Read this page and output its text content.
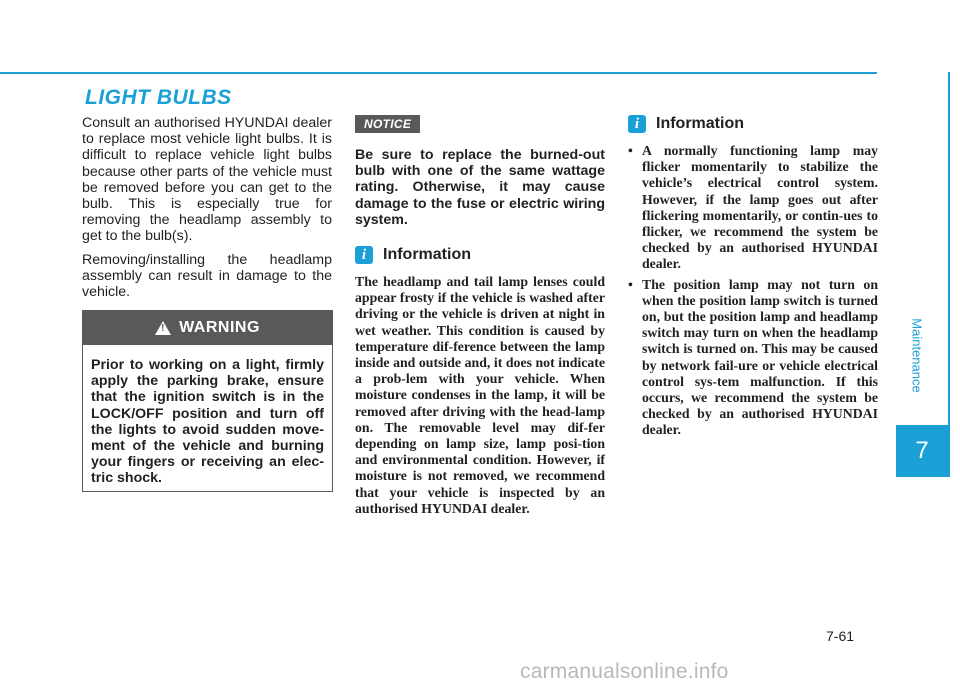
LIGHT BULBS

Consult an authorised HYUNDAI dealer to replace most vehicle light bulbs. It is difficult to replace vehicle light bulbs because other parts of the vehicle must be removed before you can get to the bulb. This is especially true for removing the headlamp assembly to get to the bulb(s).

Removing/installing the headlamp assembly can result in damage to the vehicle.

! WARNING

Prior to working on a light, firmly apply the parking brake, ensure that the ignition switch is in the LOCK/OFF position and turn off the lights to avoid sudden move-ment of the vehicle and burning your fingers or receiving an elec-tric shock.

NOTICE

Be sure to replace the burned-out bulb with one of the same wattage rating. Otherwise, it may cause damage to the fuse or electric wiring system.

i	Information

The headlamp and tail lamp lenses could appear frosty if the vehicle is washed after driving or the vehicle is driven at night in wet weather. This condition is caused by temperature dif-ference between the lamp inside and outside and, it does not indicate a prob-lem with your vehicle. When moisture condenses in the lamp, it will be removed after driving with the head-lamp on. The removable level may dif-fer depending on lamp size, lamp posi-tion and environmental condition. However, if moisture is not removed, we recommend that your vehicle is inspected by an authorised HYUNDAI dealer.

i	Information
• A normally functioning lamp may flicker momentarily to stabilize the vehicle’s electrical control system. However, if the lamp goes out after flickering momentarily, or contin-ues to flicker, we recommend the system be checked by an authorised HYUNDAI dealer.
• The position lamp may not turn on when the position lamp switch is turned on, but the position lamp and headlamp switch may turn on when the headlamp switch is turned on. This may be caused by network fail-ure or vehicle electrical control sys-tem malfunction. If this occurs, we recommend the system be checked by an authorised HYUNDAI dealer.
Maintenance
7
7-61
carmanualsonline.info
